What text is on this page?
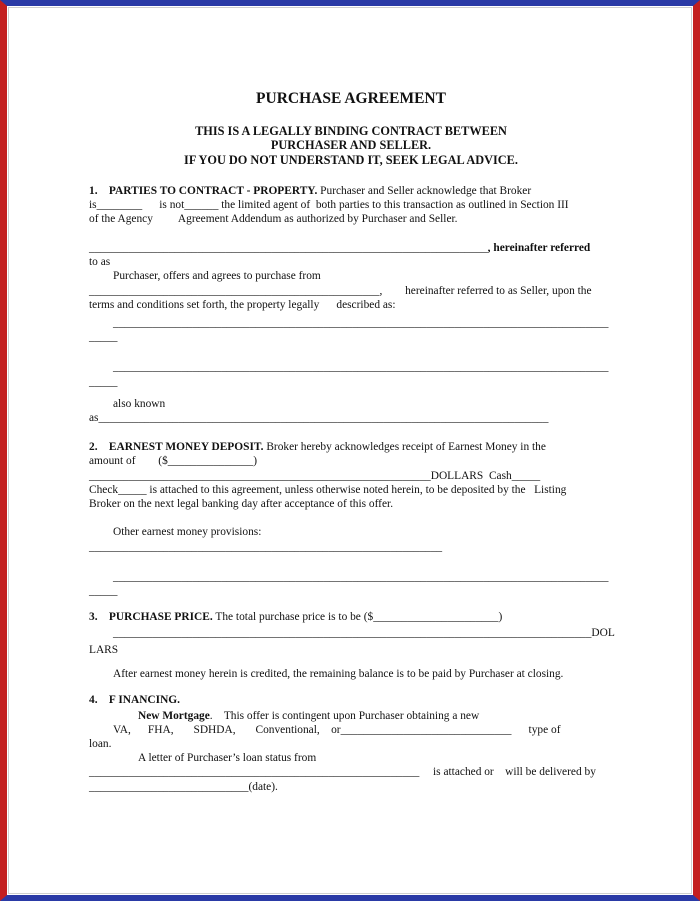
PURCHASE AGREEMENT
THIS IS A LEGALLY BINDING CONTRACT BETWEEN
PURCHASER AND SELLER.
IF YOU DO NOT UNDERSTAND IT, SEEK LEGAL ADVICE.
1.    PARTIES TO CONTRACT - PROPERTY. Purchaser and Seller acknowledge that Broker
is________      is not______ the limited agent of  both parties to this transaction as outlined in Section III
of the Agency         Agreement Addendum as authorized by Purchaser and Seller.
______________________________________________________________________, hereinafter referred
to as
Purchaser, offers and agrees to purchase from
___________________________________________________,        hereinafter referred to as Seller, upon the
terms and conditions set forth, the property legally      described as:
_______________________________________________________________________________________
_____
_______________________________________________________________________________________
_____
also known
as_______________________________________________________________________________
2.    EARNEST MONEY DEPOSIT. Broker hereby acknowledges receipt of Earnest Money in the
amount of        ($_______________)
____________________________________________________________DOLLARS  Cash_____
Check_____ is attached to this agreement, unless otherwise noted herein, to be deposited by the   Listing
Broker on the next legal banking day after acceptance of this offer.
Other earnest money provisions:
______________________________________________________________
_______________________________________________________________________________________
_____
3.    PURCHASE PRICE. The total purchase price is to be ($______________________)
____________________________________________________________________________________DOL
LARS
After earnest money herein is credited, the remaining balance is to be paid by Purchaser at closing.
4.    F INANCING.
New Mortgage.    This offer is contingent upon Purchaser obtaining a new
VA,      FHA,       SDHDA,       Conventional,    or______________________________      type of
loan.
A letter of Purchaser’s loan status from
__________________________________________________________ is attached or    will be delivered by
____________________________(date).
